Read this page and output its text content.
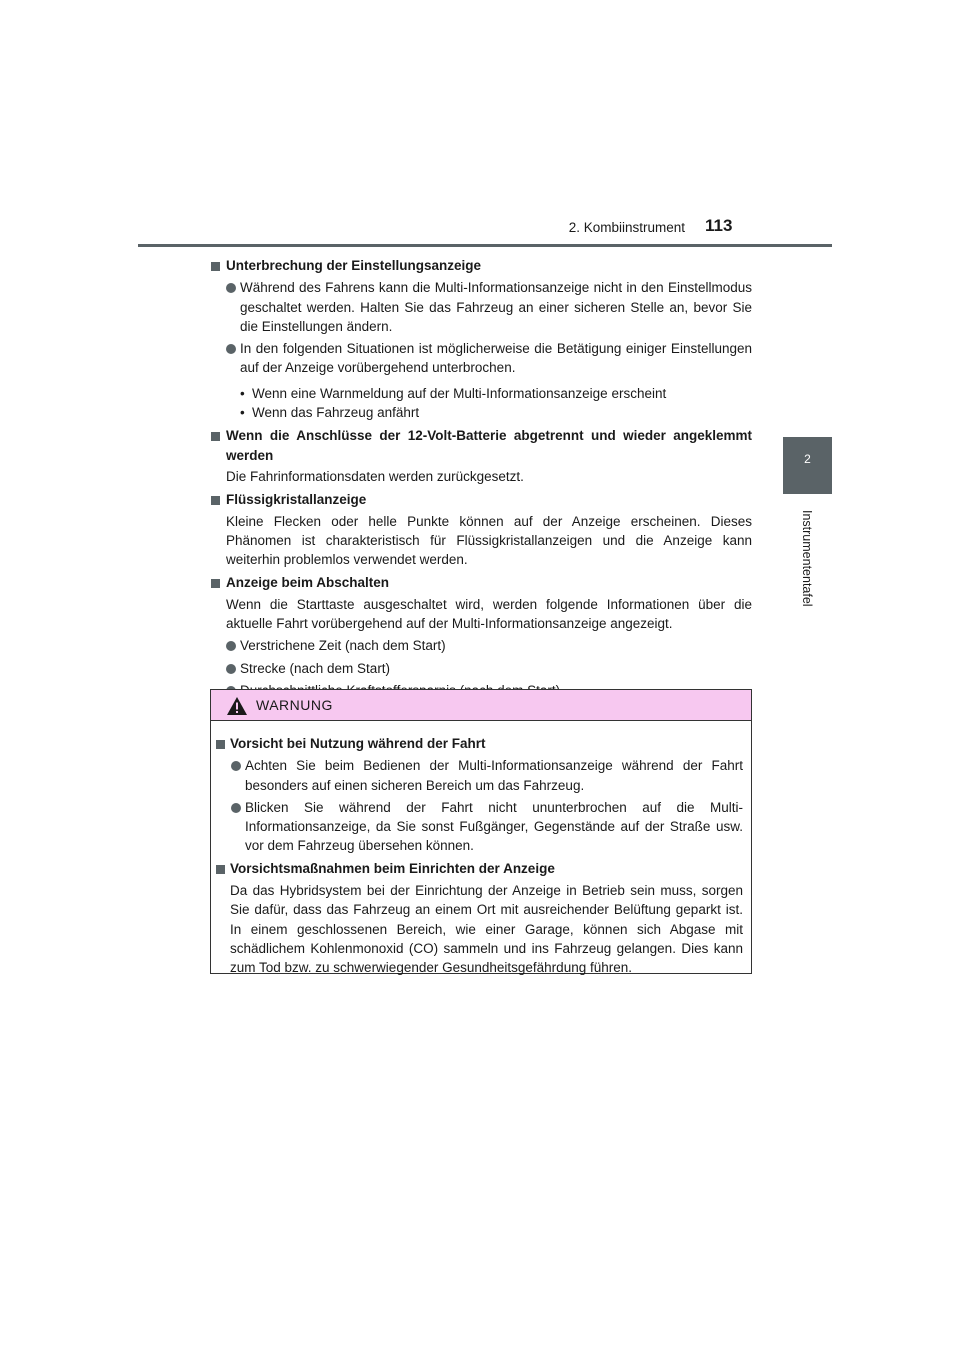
2. Kombiinstrument 113
2
Instrumententafel
Unterbrechung der Einstellungsanzeige
Während des Fahrens kann die Multi-Informationsanzeige nicht in den Einstellmodus geschaltet werden. Halten Sie das Fahrzeug an einer sicheren Stelle an, bevor Sie die Einstellungen ändern.
In den folgenden Situationen ist möglicherweise die Betätigung einiger Einstellungen auf der Anzeige vorübergehend unterbrochen.
• Wenn eine Warnmeldung auf der Multi-Informationsanzeige erscheint
• Wenn das Fahrzeug anfährt
Wenn die Anschlüsse der 12-Volt-Batterie abgetrennt und wieder angeklemmt werden
Die Fahrinformationsdaten werden zurückgesetzt.
Flüssigkristallanzeige
Kleine Flecken oder helle Punkte können auf der Anzeige erscheinen. Dieses Phänomen ist charakteristisch für Flüssigkristallanzeigen und die Anzeige kann weiterhin problemlos verwendet werden.
Anzeige beim Abschalten
Wenn die Starttaste ausgeschaltet wird, werden folgende Informationen über die aktuelle Fahrt vorübergehend auf der Multi-Informationsanzeige angezeigt.
Verstrichene Zeit (nach dem Start)
Strecke (nach dem Start)
WARNUNG
Vorsicht bei Nutzung während der Fahrt
Achten Sie beim Bedienen der Multi-Informationsanzeige während der Fahrt besonders auf einen sicheren Bereich um das Fahrzeug.
Blicken Sie während der Fahrt nicht ununterbrochen auf die Multi-Informationsanzeige, da Sie sonst Fußgänger, Gegenstände auf der Straße usw. vor dem Fahrzeug übersehen können.
Vorsichtsmaßnahmen beim Einrichten der Anzeige
Da das Hybridsystem bei der Einrichtung der Anzeige in Betrieb sein muss, sorgen Sie dafür, dass das Fahrzeug an einem Ort mit ausreichender Belüftung geparkt ist. In einem geschlossenen Bereich, wie einer Garage, können sich Abgase mit schädlichem Kohlenmonoxid (CO) sammeln und ins Fahrzeug gelangen. Dies kann zum Tod bzw. zu schwerwiegender Gesundheitsgefährdung führen.
